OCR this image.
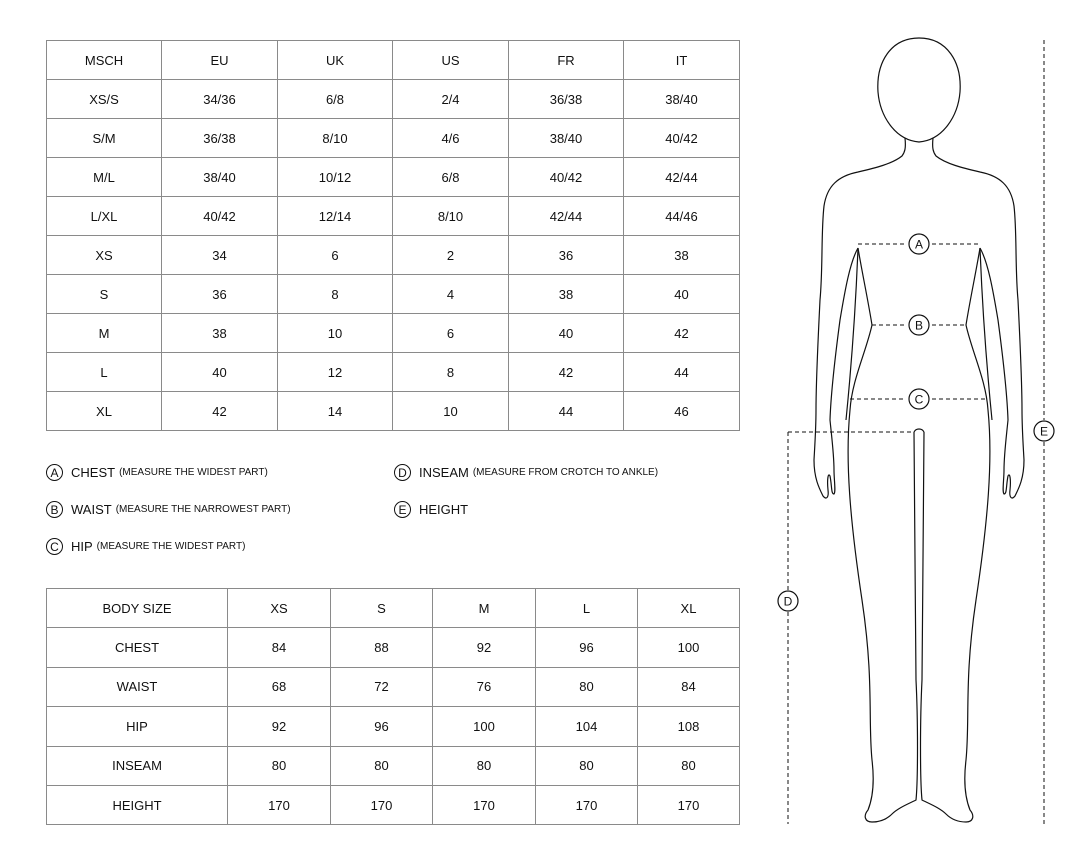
MSCH	EU	UK	US	FR	IT
XS/S	34/36	6/8	2/4	36/38	38/40
S/M	36/38	8/10	4/6	38/40	40/42
M/L	38/40	10/12	6/8	40/42	42/44
L/XL	40/42	12/14	8/10	42/44	44/46
XS	34	6	2	36	38
S	36	8	4	38	40
M	38	10	6	40	42
L	40	12	8	42	44
XL	42	14	10	44	46
A CHEST (MEASURE THE WIDEST PART)
B WAIST (MEASURE THE NARROWEST PART)
C HIP (MEASURE THE WIDEST PART)
D INSEAM (MEASURE FROM CROTCH TO ANKLE)
E HEIGHT
BODY SIZE	XS	S	M	L	XL
CHEST	84	88	92	96	100
WAIST	68	72	76	80	84
HIP	92	96	100	104	108
INSEAM	80	80	80	80	80
HEIGHT	170	170	170	170	170
A
B
C
D
E
